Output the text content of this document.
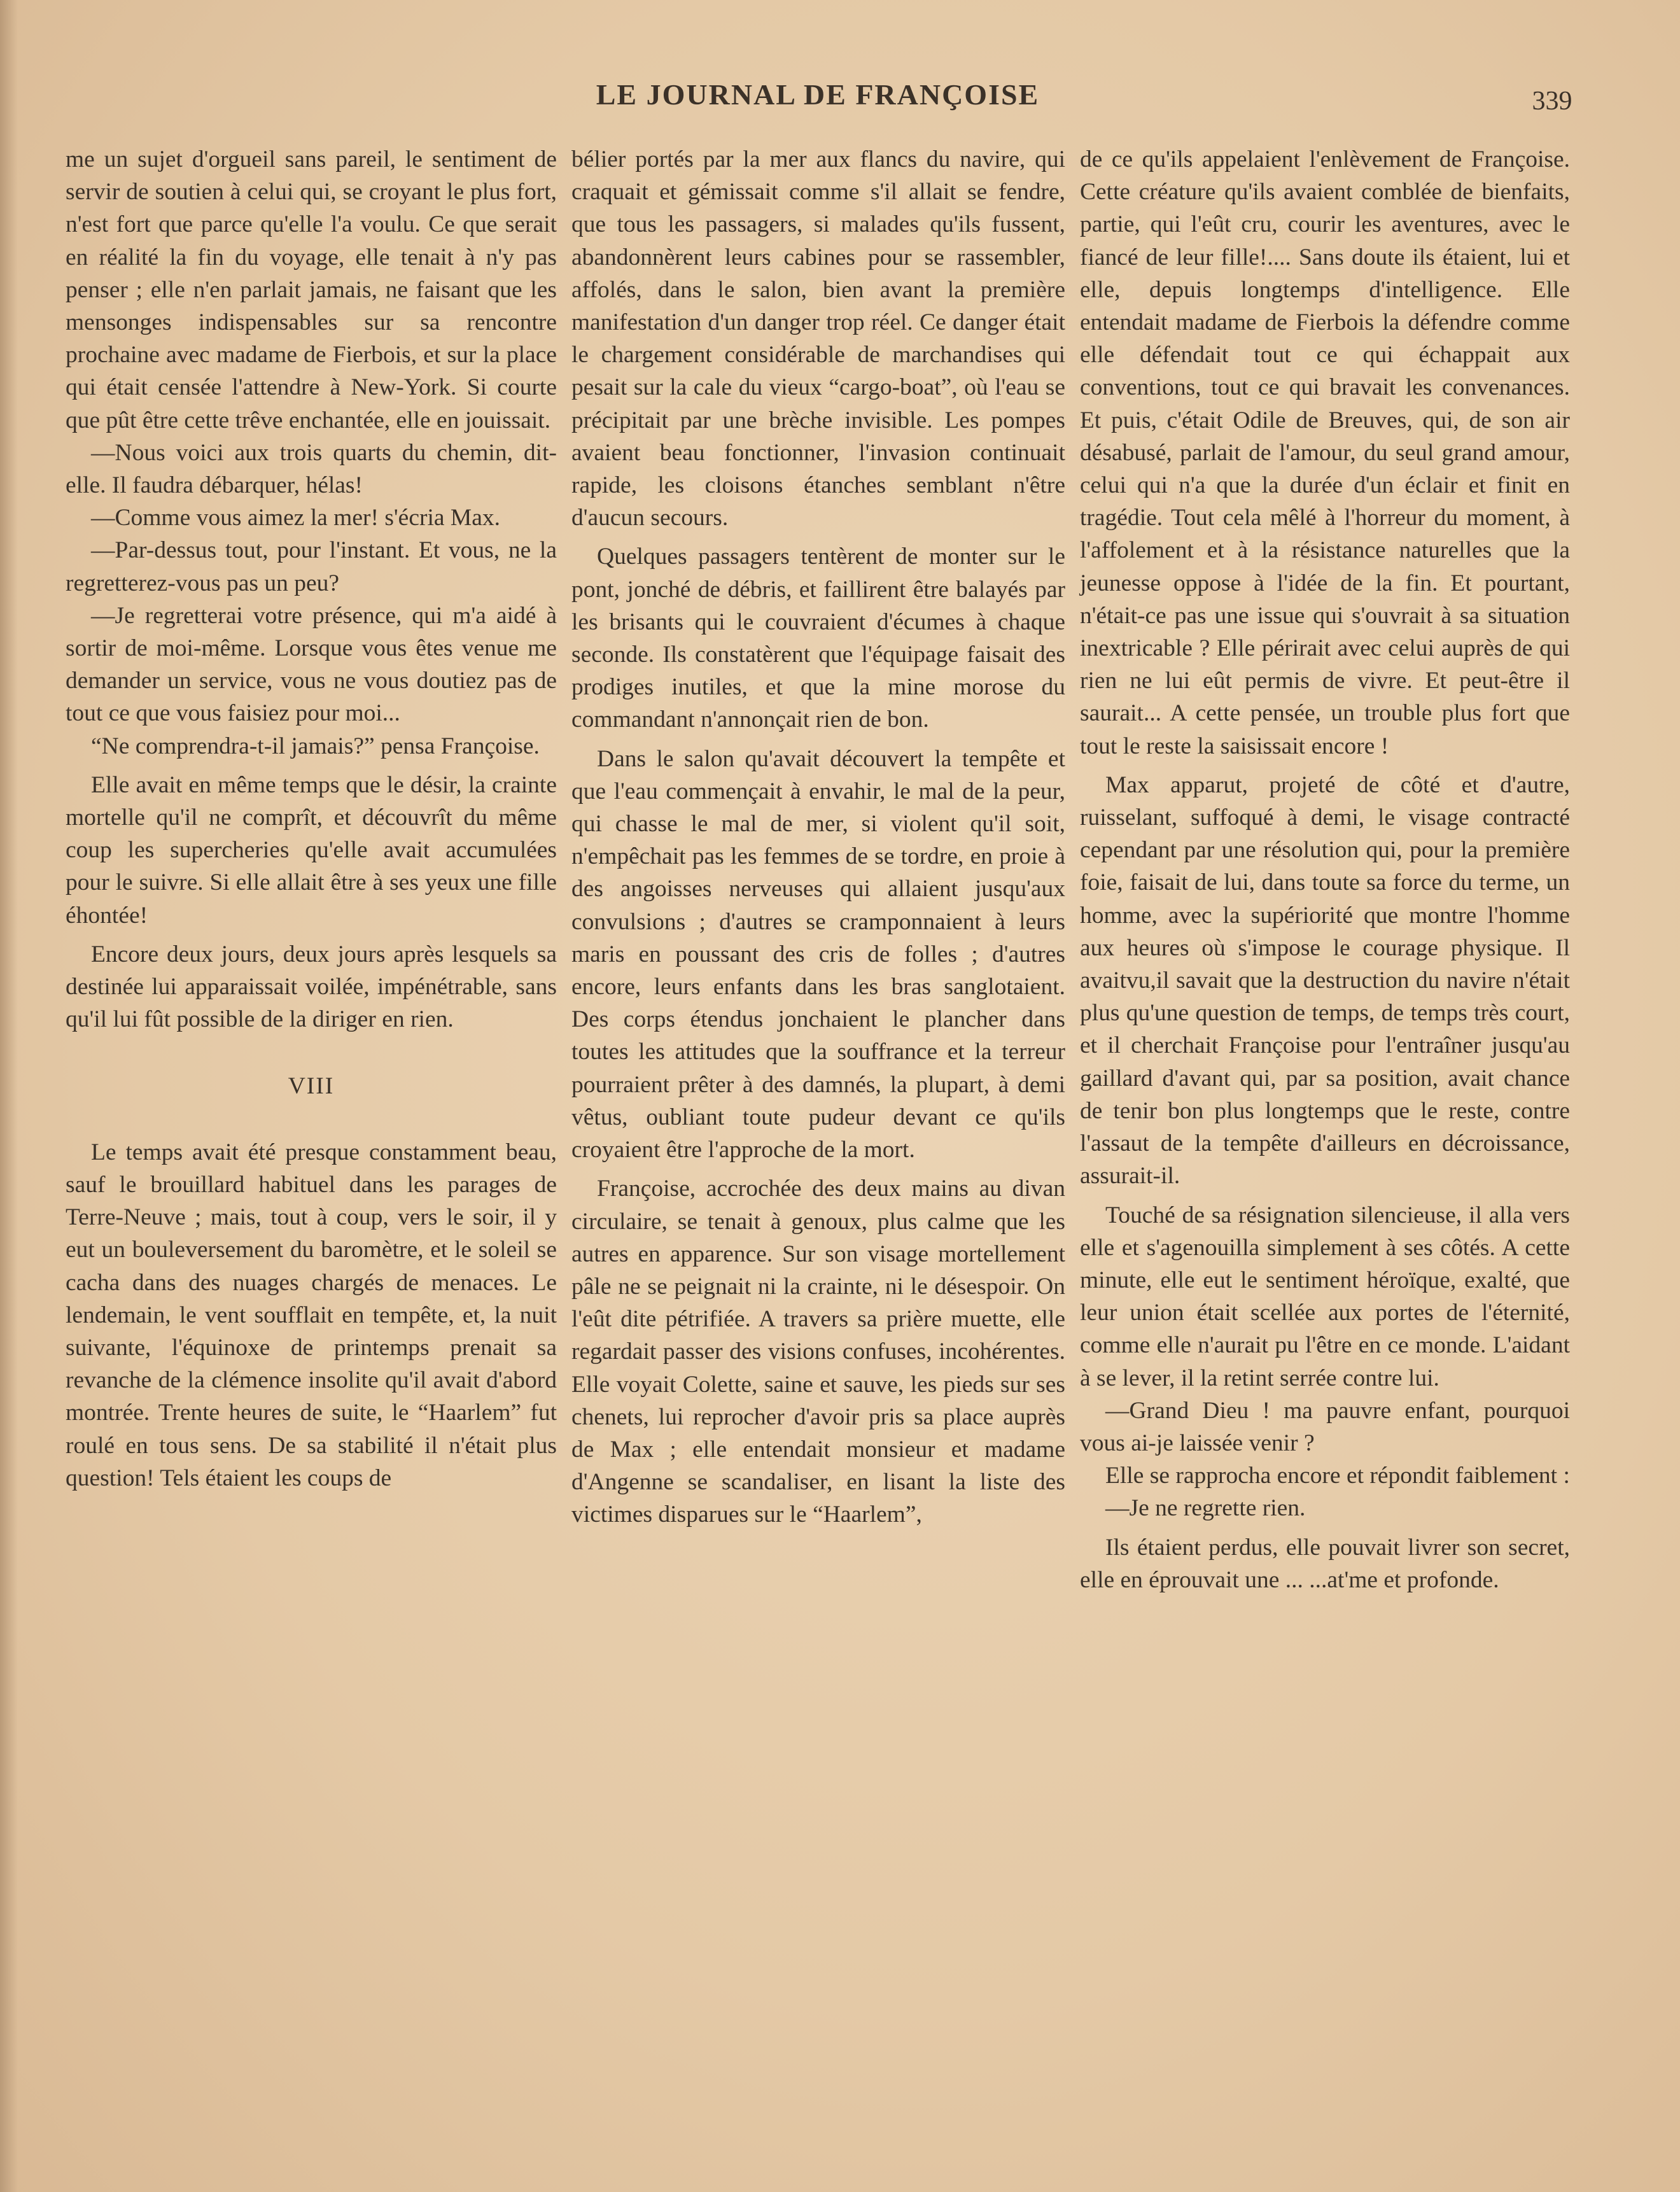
LE JOURNAL DE FRANÇOISE	339

me un sujet d'orgueil sans pareil, le sentiment de servir de soutien à celui qui, se croyant le plus fort, n'est fort que parce qu'elle l'a voulu. Ce que serait en réalité la fin du voyage, elle tenait à n'y pas penser ; elle n'en parlait jamais, ne faisant que les mensonges indispensables sur sa rencontre prochaine avec madame de Fierbois, et sur la place qui était censée l'attendre à New-York. Si courte que pût être cette trêve enchantée, elle en jouissait.

—Nous voici aux trois quarts du chemin, dit-elle. Il faudra débarquer, hélas!

—Comme vous aimez la mer! s'écria Max.

—Par-dessus tout, pour l'instant. Et vous, ne la regretterez-vous pas un peu?

—Je regretterai votre présence, qui m'a aidé à sortir de moi-même. Lorsque vous êtes venue me demander un service, vous ne vous doutiez pas de tout ce que vous faisiez pour moi...

“Ne comprendra-t-il jamais?” pensa Françoise.

Elle avait en même temps que le désir, la crainte mortelle qu'il ne comprît, et découvrît du même coup les supercheries qu'elle avait accumulées pour le suivre. Si elle allait être à ses yeux une fille éhontée!

Encore deux jours, deux jours après lesquels sa destinée lui apparaissait voilée, impénétrable, sans qu'il lui fût possible de la diriger en rien.

VIII

Le temps avait été presque constamment beau, sauf le brouillard habituel dans les parages de Terre-Neuve ; mais, tout à coup, vers le soir, il y eut un bouleversement du baromètre, et le soleil se cacha dans des nuages chargés de menaces. Le lendemain, le vent soufflait en tempête, et, la nuit suivante, l'équinoxe de printemps prenait sa revanche de la clémence insolite qu'il avait d'abord montrée. Trente heures de suite, le “Haarlem” fut roulé en tous sens. De sa stabilité il n'était plus question! Tels étaient les coups de

bélier portés par la mer aux flancs du navire, qui craquait et gémissait comme s'il allait se fendre, que tous les passagers, si malades qu'ils fussent, abandonnèrent leurs cabines pour se rassembler, affolés, dans le salon, bien avant la première manifestation d'un danger trop réel. Ce danger était le chargement considérable de marchandises qui pesait sur la cale du vieux “cargo-boat”, où l'eau se précipitait par une brèche invisible. Les pompes avaient beau fonctionner, l'invasion continuait rapide, les cloisons étanches semblant n'être d'aucun secours.

Quelques passagers tentèrent de monter sur le pont, jonché de débris, et faillirent être balayés par les brisants qui le couvraient d'écumes à chaque seconde. Ils constatèrent que l'équipage faisait des prodiges inutiles, et que la mine morose du commandant n'annonçait rien de bon.

Dans le salon qu'avait découvert la tempête et que l'eau commençait à envahir, le mal de la peur, qui chasse le mal de mer, si violent qu'il soit, n'empêchait pas les femmes de se tordre, en proie à des angoisses nerveuses qui allaient jusqu'aux convulsions ; d'autres se cramponnaient à leurs maris en poussant des cris de folles ; d'autres encore, leurs enfants dans les bras sanglotaient. Des corps étendus jonchaient le plancher dans toutes les attitudes que la souffrance et la terreur pourraient prêter à des damnés, la plupart, à demi vêtus, oubliant toute pudeur devant ce qu'ils croyaient être l'approche de la mort.

Françoise, accrochée des deux mains au divan circulaire, se tenait à genoux, plus calme que les autres en apparence. Sur son visage mortellement pâle ne se peignait ni la crainte, ni le désespoir. On l'eût dite pétrifiée. A travers sa prière muette, elle regardait passer des visions confuses, incohérentes. Elle voyait Colette, saine et sauve, les pieds sur ses chenets, lui reprocher d'avoir pris sa place auprès de Max ; elle entendait monsieur et madame d'Angenne se scandaliser, en lisant la liste des victimes disparues sur le “Haarlem”,

de ce qu'ils appelaient l'enlèvement de Françoise. Cette créature qu'ils avaient comblée de bienfaits, partie, qui l'eût cru, courir les aventures, avec le fiancé de leur fille!.... Sans doute ils étaient, lui et elle, depuis longtemps d'intelligence. Elle entendait madame de Fierbois la défendre comme elle défendait tout ce qui échappait aux conventions, tout ce qui bravait les convenances. Et puis, c'était Odile de Breuves, qui, de son air désabusé, parlait de l'amour, du seul grand amour, celui qui n'a que la durée d'un éclair et finit en tragédie. Tout cela mêlé à l'horreur du moment, à l'affolement et à la résistance naturelles que la jeunesse oppose à l'idée de la fin. Et pourtant, n'était-ce pas une issue qui s'ouvrait à sa situation inextricable ? Elle périrait avec celui auprès de qui rien ne lui eût permis de vivre. Et peut-être il saurait... A cette pensée, un trouble plus fort que tout le reste la saisissait encore !

Max apparut, projeté de côté et d'autre, ruisselant, suffoqué à demi, le visage contracté cependant par une résolution qui, pour la première foie, faisait de lui, dans toute sa force du terme, un homme, avec la supériorité que montre l'homme aux heures où s'impose le courage physique. Il avaitvu,il savait que la destruction du navire n'était plus qu'une question de temps, de temps très court, et il cherchait Françoise pour l'entraîner jusqu'au gaillard d'avant qui, par sa position, avait chance de tenir bon plus longtemps que le reste, contre l'assaut de la tempête d'ailleurs en décroissance, assurait-il.

Touché de sa résignation silencieuse, il alla vers elle et s'agenouilla simplement à ses côtés. A cette minute, elle eut le sentiment héroïque, exalté, que leur union était scellée aux portes de l'éternité, comme elle n'aurait pu l'être en ce monde. L'aidant à se lever, il la retint serrée contre lui.

—Grand Dieu ! ma pauvre enfant, pourquoi vous ai-je laissée venir ?

Elle se rapprocha encore et répondit faiblement :

—Je ne regrette rien.

Ils étaient perdus, elle pouvait livrer son secret, elle en éprouvait une ... ...at'me et profonde.
